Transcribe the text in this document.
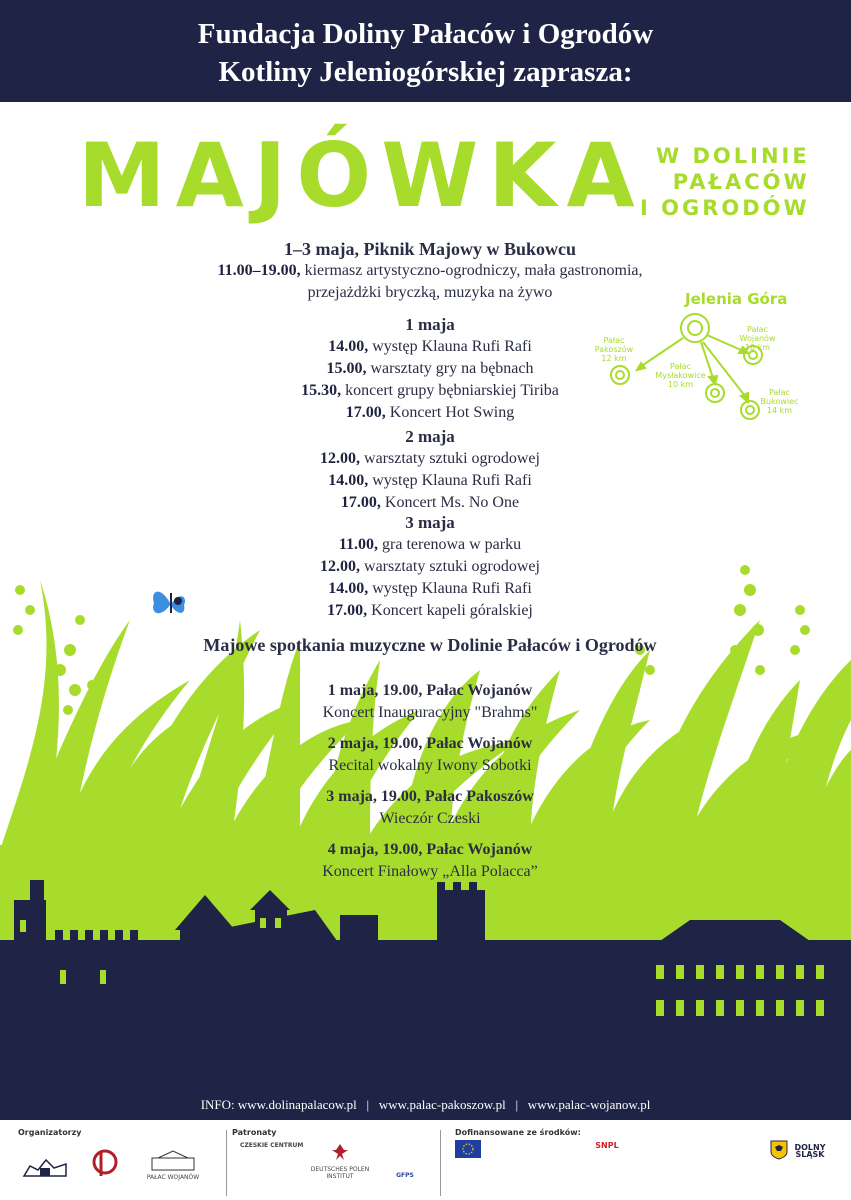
Fundacja Doliny Pałaców i Ogrodów
Kotliny Jeleniogórskiej zaprasza:
MAJÓWKA W DOLINIE
PAŁACÓW
I OGRODÓW
1–3 maja, Piknik Majowy w Bukowcu
11.00–19.00, kiermasz artystyczno-ogrodniczy, mała gastronomia,
przejażdżki bryczką, muzyka na żywo
1 maja
14.00, występ Klauna Rufi Rafi
15.00, warsztaty gry na bębnach
15.30, koncert grupy bębniarskiej Tiriba
17.00, Koncert Hot Swing
2 maja
12.00, warsztaty sztuki ogrodowej
14.00, występ Klauna Rufi Rafi
17.00, Koncert Ms. No One
3 maja
11.00, gra terenowa w parku
12.00, warsztaty sztuki ogrodowej
14.00, występ Klauna Rufi Rafi
17.00, Koncert kapeli góralskiej
Majowe spotkania muzyczne w Dolinie Pałaców i Ogrodów
1 maja, 19.00, Pałac Wojanów
Koncert Inauguracyjny "Brahms"
2 maja, 19.00, Pałac Wojanów
Recital wokalny Iwony Sobotki
3 maja, 19.00, Pałac Pakoszów
Wieczór Czeski
4 maja, 19.00, Pałac Wojanów
Koncert Finałowy „Alla Polacca”
Jelenia Góra
Pałac Pakoszów
12 km
Pałac Wojanów
10 km
Pałac Mysłakowice
10 km
Pałac Bukowiec
14 km
INFO: www.dolinapalacow.pl   |   www.palac-pakoszow.pl   |   www.palac-wojanow.pl
Organizatorzy	Patronaty	Dofinansowane ze środków:
PAŁAC WOJANÓW
CZESKIE CENTRUM
DEUTSCHES POLEN INSTITUT	GFPS
SNPL	DOLNY ŚLĄSK
